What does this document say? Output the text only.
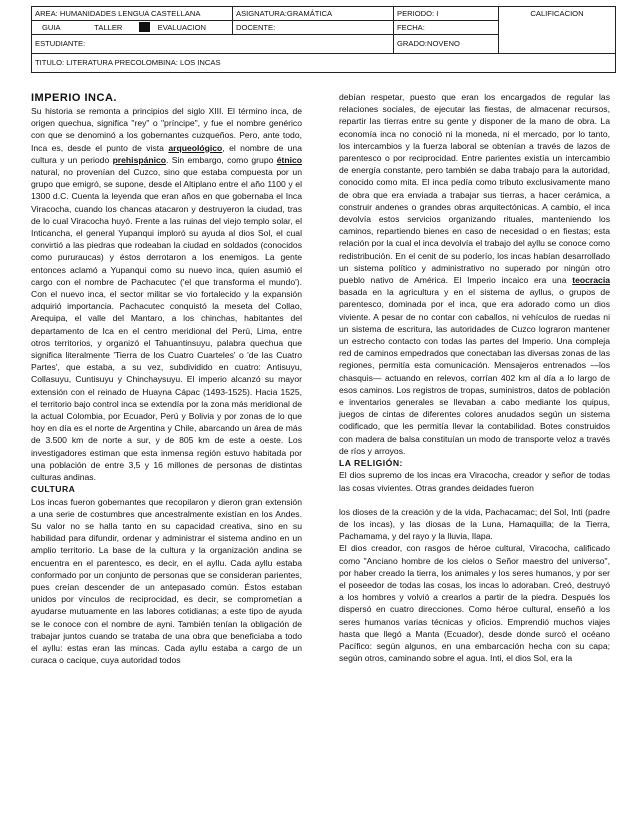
AREA: HUMANIDADES LENGUA CASTELLANA	ASIGNATURA:GRAMÁTICA	PERIODO: I	CALIFICACION
GUIA TALLER EVALUACION	DOCENTE:	FECHA:	
ESTUDIANTE:		GRADO:NOVENO	
TITULO: LITERATURA PRECOLOMBINA: LOS INCAS			

IMPERIO INCA.

Su historia se remonta a principios del siglo XIII. El término inca, de origen quechua, significa "rey" o "príncipe", y fue el nombre genérico con que se denominó a los gobernantes cuzqueños. Pero, ante todo, Inca es, desde el punto de vista arqueológico, el nombre de una cultura y un periodo prehispánico. Sin embargo, como grupo étnico natural, no provenían del Cuzco, sino que estaba compuesta por un grupo que emigró, se supone, desde el Altiplano entre el año 1100 y el 1300 d.C. Cuenta la leyenda que eran años en que gobernaba el Inca Viracocha, cuando los chancas atacaron y destruyeron la ciudad, tras de lo cual Viracocha huyó. Frente a las ruinas del viejo templo solar, el Inticancha, el general Yupanqui imploró su ayuda al dios Sol, el cual convirtió a las piedras que rodeaban la ciudad en soldados (conocidos como pururaucas) y éstos derrotaron a los enemigos. La gente entonces aclamó a Yupanqui como su nuevo inca, quien asumió el cargo con el nombre de Pachacutec ('el que transforma el mundo'). Con el nuevo inca, el sector militar se vio fortalecido y la expansión adquirió importancia. Pachacutec conquistó la meseta del Collao, Arequipa, el valle del Mantaro, a los chinchas, habitantes del departamento de Ica en el centro meridional del Perú, Lima, entre otros territorios, y organizó el Tahuantinsuyu, palabra quechua que significa literalmente 'Tierra de los Cuatro Cuarteles' o 'de las Cuatro Partes', que estaba, a su vez, subdividido en cuatro: Antisuyu, Collasuyu, Cuntisuyu y Chinchaysuyu. El imperio alcanzó su mayor extensión con el reinado de Huayna Cápac (1493-1525). Hacia 1525, el territorio bajo control inca se extendía por la zona más meridional de la actual Colombia, por Ecuador, Perú y Bolivia y por zonas de lo que hoy en día es el norte de Argentina y Chile, abarcando un área de más de 3.500 km de norte a sur, y de 805 km de este a oeste. Los investigadores estiman que esta inmensa región estuvo habitada por una población de entre 3,5 y 16 millones de personas de distintas culturas andinas.

CULTURA

Los incas fueron gobernantes que recopilaron y dieron gran extensión a una serie de costumbres que ancestralmente existían en los Andes. Su valor no se halla tanto en su capacidad creativa, sino en su habilidad para difundir, ordenar y administrar el sistema andino en un amplio territorio. La base de la cultura y la organización andina se encuentra en el parentesco, es decir, en el ayllu. Cada ayllu estaba conformado por un conjunto de personas que se consideran parientes, pues creían descender de un antepasado común. Éstos estaban unidos por vínculos de reciprocidad, es decir, se comprometían a ayudarse mutuamente en las labores cotidianas; a este tipo de ayuda se le conoce con el nombre de ayni. También tenían la obligación de trabajar juntos cuando se trataba de una obra que beneficiaba a todo el ayllu: estas eran las mincas. Cada ayllu estaba a cargo de un curaca o cacique, cuya autoridad todos

debían respetar, puesto que eran los encargados de regular las relaciones sociales, de ejecutar las fiestas, de almacenar recursos, repartir las tierras entre su gente y disponer de la mano de obra. La economía inca no conoció ni la moneda, ni el mercado, por lo tanto, los intercambios y la fuerza laboral se obtenían a través de lazos de parentesco o por reciprocidad. Entre parientes existía un intercambio de energía constante, pero también se daba trabajo para la autoridad, conocido como mita. El inca pedía como tributo exclusivamente mano de obra que era enviada a trabajar sus tierras, a hacer cerámica, a construir andenes o grandes obras arquitectónicas. A cambio, el inca devolvía estos servicios organizando rituales, manteniendo los caminos, repartiendo bienes en caso de necesidad o en fiestas; esta relación por la cual el inca devolvía el trabajo del ayllu se conoce como redistribución. En el cenit de su poderío, los incas habían desarrollado un sistema político y administrativo no superado por ningún otro pueblo nativo de América. El Imperio incaico era una teocracia basada en la agricultura y en el sistema de ayllus, o grupos de parentesco, dominada por el inca, que era adorado como un dios viviente. A pesar de no contar con caballos, ni vehículos de ruedas ni un sistema de escritura, las autoridades de Cuzco lograron mantener un estrecho contacto con todas las partes del Imperio. Una compleja red de caminos empedrados que conectaban las diversas zonas de las regiones, permitía esta comunicación. Mensajeros entrenados —los chasquis— actuando en relevos, corrían 402 km al día a lo largo de esos caminos. Los registros de tropas, suministros, datos de población e inventarios generales se llevaban a cabo mediante los quipus, juegos de cintas de diferentes colores anudados según un sistema codificado, que les permitía llevar la contabilidad. Botes construidos con madera de balsa constituían un modo de transporte veloz a través de ríos y arroyos.

LA RELIGIÓN:

El dios supremo de los incas era Viracocha, creador y señor de todas las cosas vivientes. Otras grandes deidades fueron

los dioses de la creación y de la vida, Pachacamac; del Sol, Inti (padre de los incas), y las diosas de la Luna, Hamaquilla; de la Tierra, Pachamama, y del rayo y la lluvia, Ilapa.

El dios creador, con rasgos de héroe cultural, Viracocha, calificado como "Anciano hombre de los cielos o Señor maestro del universo", por haber creado la tierra, los animales y los seres humanos, y por ser el poseedor de todas las cosas, los incas lo adoraban. Creó, destruyó a los hombres y volvió a crearlos a partir de la piedra. Después los dispersó en cuatro direcciones. Como héroe cultural, enseñó a los seres humanos varias técnicas y oficios. Emprendió muchos viajes hasta que llegó a Manta (Ecuador), desde donde surcó el océano Pacífico: según algunos, en una embarcación hecha con su capa; según otros, caminando sobre el agua. Inti, el dios Sol, era la
